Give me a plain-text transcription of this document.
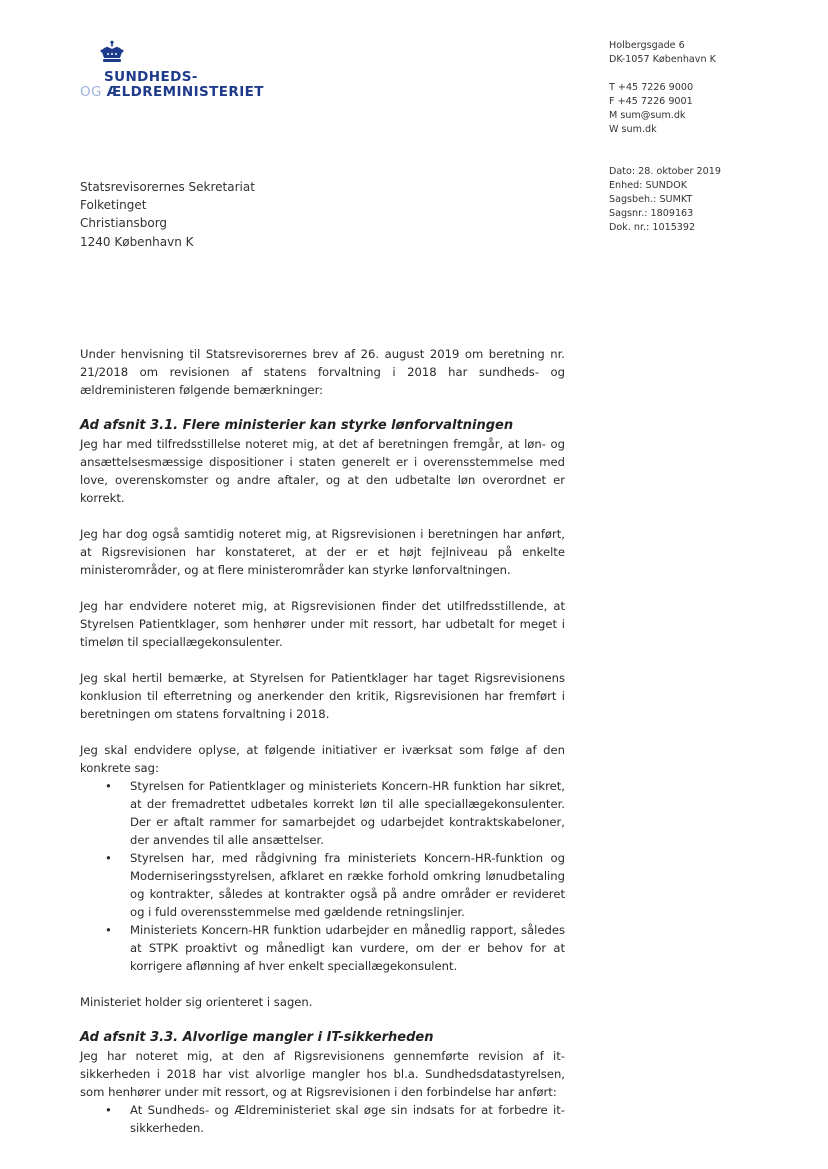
SUNDHEDS-
OG ÆLDREMINISTERIET
Holbergsgade 6
DK-1057 København K
T +45 7226 9000
F +45 7226 9001
M sum@sum.dk
W sum.dk
Dato: 28. oktober 2019
Enhed: SUNDOK
Sagsbeh.: SUMKT
Sagsnr.: 1809163
Dok. nr.: 1015392
Statsrevisorernes Sekretariat
Folketinget
Christiansborg
1240 København K

Under henvisning til Statsrevisorernes brev af 26. august 2019 om beretning nr. 21/2018 om revisionen af statens forvaltning i 2018 har sundheds- og ældreministeren følgende bemærkninger:

Ad afsnit 3.1. Flere ministerier kan styrke lønforvaltningen

Jeg har med tilfredsstillelse noteret mig, at det af beretningen fremgår, at løn- og ansættelsesmæssige dispositioner i staten generelt er i overensstemmelse med love, overenskomster og andre aftaler, og at den udbetalte løn overordnet er korrekt.

Jeg har dog også samtidig noteret mig, at Rigsrevisionen i beretningen har anført, at Rigsrevisionen har konstateret, at der er et højt fejlniveau på enkelte ministerområder, og at flere ministerområder kan styrke lønforvaltningen.

Jeg har endvidere noteret mig, at Rigsrevisionen finder det utilfredsstillende, at Styrelsen Patientklager, som henhører under mit ressort, har udbetalt for meget i timeløn til speciallægekonsulenter.

Jeg skal hertil bemærke, at Styrelsen for Patientklager har taget Rigsrevisionens konklusion til efterretning og anerkender den kritik, Rigsrevisionen har fremført i beretningen om statens forvaltning i 2018.

Jeg skal endvidere oplyse, at følgende initiativer er iværksat som følge af den konkrete sag:

• Styrelsen for Patientklager og ministeriets Koncern-HR funktion har sikret, at der fremadrettet udbetales korrekt løn til alle speciallægekonsulenter. Der er aftalt rammer for samarbejdet og udarbejdet kontraktskabeloner, der anvendes til alle ansættelser.
• Styrelsen har, med rådgivning fra ministeriets Koncern-HR-funktion og Moderniseringsstyrelsen, afklaret en række forhold omkring lønudbetaling og kontrakter, således at kontrakter også på andre områder er revideret og i fuld overensstemmelse med gældende retningslinjer.
• Ministeriets Koncern-HR funktion udarbejder en månedlig rapport, således at STPK proaktivt og månedligt kan vurdere, om der er behov for at korrigere aflønning af hver enkelt speciallægekonsulent.

Ministeriet holder sig orienteret i sagen.

Ad afsnit 3.3. Alvorlige mangler i IT-sikkerheden

Jeg har noteret mig, at den af Rigsrevisionens gennemførte revision af it-sikkerheden i 2018 har vist alvorlige mangler hos bl.a. Sundhedsdatastyrelsen, som henhører under mit ressort, og at Rigsrevisionen i den forbindelse har anført:

• At Sundheds- og Ældreministeriet skal øge sin indsats for at forbedre it-sikkerheden.
